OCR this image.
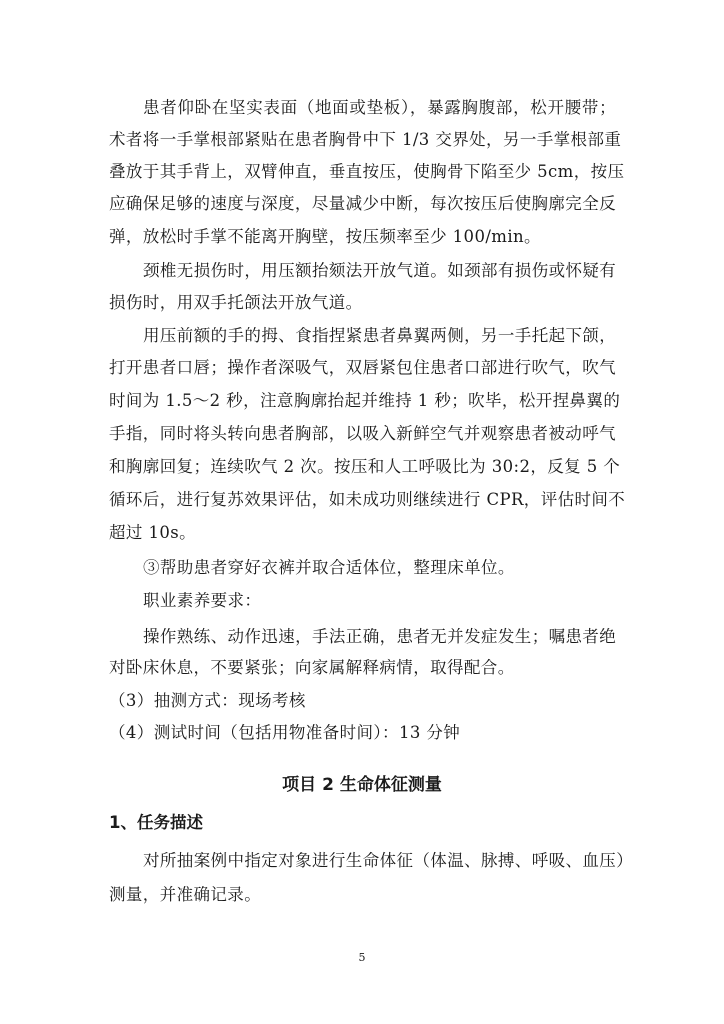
患者仰卧在坚实表面（地面或垫板），暴露胸腹部，松开腰带；
术者将一手掌根部紧贴在患者胸骨中下 1/3 交界处，另一手掌根部重
叠放于其手背上，双臂伸直，垂直按压，使胸骨下陷至少 5cm，按压
应确保足够的速度与深度，尽量减少中断，每次按压后使胸廓完全反
弹，放松时手掌不能离开胸壁，按压频率至少 100/min。
颈椎无损伤时，用压额抬颏法开放气道。如颈部有损伤或怀疑有
损伤时，用双手托颌法开放气道。
用压前额的手的拇、食指捏紧患者鼻翼两侧，另一手托起下颌，
打开患者口唇；操作者深吸气，双唇紧包住患者口部进行吹气，吹气
时间为 1.5～2 秒，注意胸廓抬起并维持 1 秒；吹毕，松开捏鼻翼的
手指，同时将头转向患者胸部，以吸入新鲜空气并观察患者被动呼气
和胸廓回复；连续吹气 2 次。按压和人工呼吸比为 30:2，反复 5 个
循环后，进行复苏效果评估，如未成功则继续进行 CPR，评估时间不
超过 10s。
③帮助患者穿好衣裤并取合适体位，整理床单位。
职业素养要求：
操作熟练、动作迅速，手法正确，患者无并发症发生；嘱患者绝
对卧床休息，不要紧张；向家属解释病情，取得配合。
（3）抽测方式：现场考核
（4）测试时间（包括用物准备时间）：13 分钟
项目 2 生命体征测量
1、任务描述
对所抽案例中指定对象进行生命体征（体温、脉搏、呼吸、血压）
测量，并准确记录。
5
